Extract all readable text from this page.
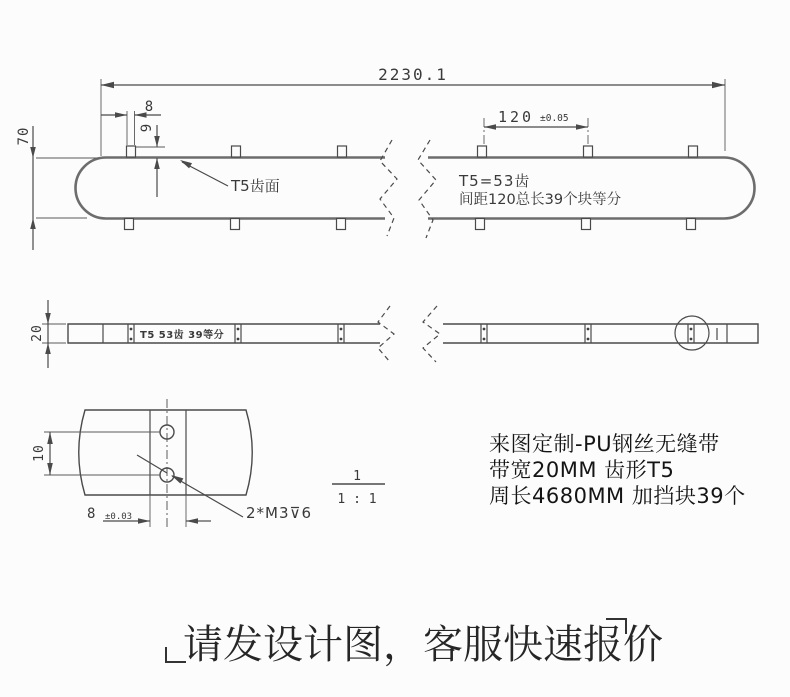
2230.1
8
9
70
120 ±0.05
T5齿面	T5=53齿
间距120总长39个块等分
20	T5 53齿 39等分
10
8 ±0.03	2*M3⊽6
1
1 : 1
来图定制-PU钢丝无缝带
带宽20MM 齿形T5
周长4680MM 加挡块39个
请发设计图，客服快速报价
